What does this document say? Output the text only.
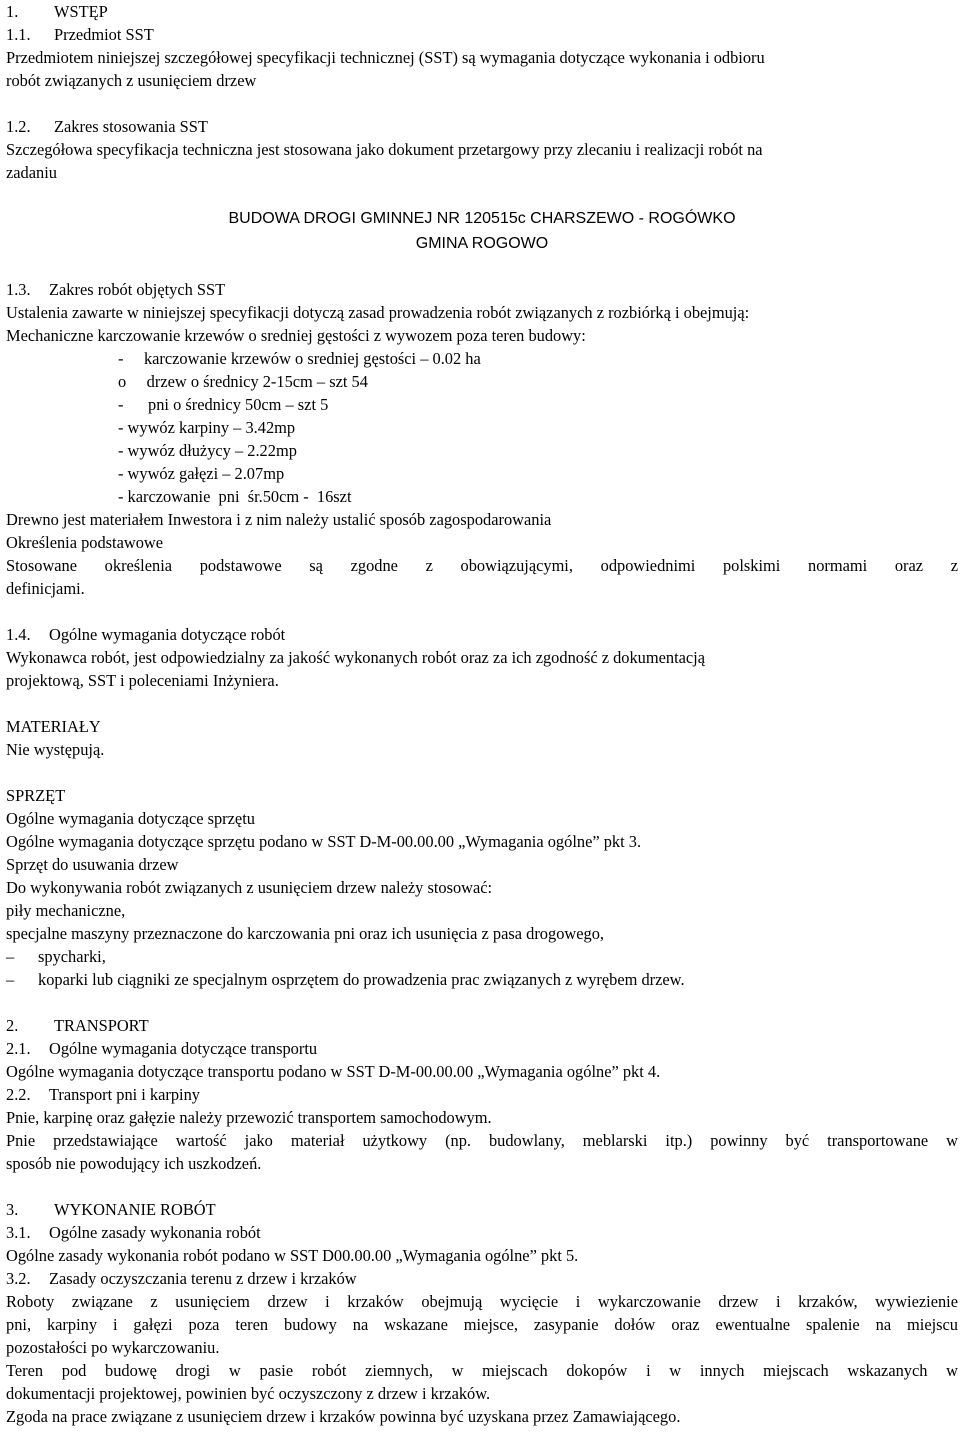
1. WSTĘP
1.1. Przedmiot SST
Przedmiotem niniejszej szczegółowej specyfikacji technicznej (SST) są wymagania dotyczące wykonania i odbioru
robót związanych z usunięciem drzew
1.2. Zakres stosowania SST
Szczegółowa specyfikacja techniczna jest stosowana jako dokument przetargowy przy zlecaniu i realizacji robót na
zadaniu
BUDOWA DROGI GMINNEJ NR 120515c CHARSZEWO - ROGÓWKO
GMINA ROGOWO
1.3. Zakres robót objętych SST
Ustalenia zawarte w niniejszej specyfikacji dotyczą zasad prowadzenia robót związanych z rozbiórką i obejmują:
Mechaniczne karczowanie krzewów o sredniej gęstości z wywozem poza teren budowy:
-     karczowanie krzewów o sredniej gęstości – 0.02 ha
o     drzew o średnicy 2-15cm – szt 54
-      pni o średnicy 50cm – szt 5
- wywóz karpiny – 3.42mp
- wywóz dłużycy – 2.22mp
- wywóz gałęzi – 2.07mp
- karczowanie  pni  śr.50cm -  16szt
Drewno jest materiałem Inwestora i z nim należy ustalić sposób zagospodarowania
Określenia podstawowe
Stosowane określenia podstawowe są zgodne z obowiązującymi, odpowiednimi polskimi normami oraz z
definicjami.
1.4. Ogólne wymagania dotyczące robót
Wykonawca robót, jest odpowiedzialny za jakość wykonanych robót oraz za ich zgodność z dokumentacją
projektową, SST i poleceniami Inżyniera.
MATERIAŁY
Nie występują.
SPRZĘT
Ogólne wymagania dotyczące sprzętu
Ogólne wymagania dotyczące sprzętu podano w SST D-M-00.00.00 „Wymagania ogólne” pkt 3.
Sprzęt do usuwania drzew
Do wykonywania robót związanych z usunięciem drzew należy stosować:
piły mechaniczne,
specjalne maszyny przeznaczone do karczowania pni oraz ich usunięcia z pasa drogowego,
– spycharki,
– koparki lub ciągniki ze specjalnym osprzętem do prowadzenia prac związanych z wyrębem drzew.
2. TRANSPORT
2.1. Ogólne wymagania dotyczące transportu
Ogólne wymagania dotyczące transportu podano w SST D-M-00.00.00 „Wymagania ogólne” pkt 4.
2.2. Transport pni i karpiny
Pnie, karpinę oraz gałęzie należy przewozić transportem samochodowym.
Pnie przedstawiające wartość jako materiał użytkowy (np. budowlany, meblarski itp.) powinny być transportowane w
sposób nie powodujący ich uszkodzeń.
3. WYKONANIE ROBÓT
3.1. Ogólne zasady wykonania robót
Ogólne zasady wykonania robót podano w SST D00.00.00 „Wymagania ogólne” pkt 5.
3.2. Zasady oczyszczania terenu z drzew i krzaków
Roboty związane z usunięciem drzew i krzaków obejmują wycięcie i wykarczowanie drzew i krzaków, wywiezienie
pni, karpiny i gałęzi poza teren budowy na wskazane miejsce, zasypanie dołów oraz ewentualne spalenie na miejscu
pozostałości po wykarczowaniu.
Teren pod budowę drogi w pasie robót ziemnych, w miejscach dokopów i w innych miejscach wskazanych w
dokumentacji projektowej, powinien być oczyszczony z drzew i krzaków.
Zgoda na prace związane z usunięciem drzew i krzaków powinna być uzyskana przez Zamawiającego.
